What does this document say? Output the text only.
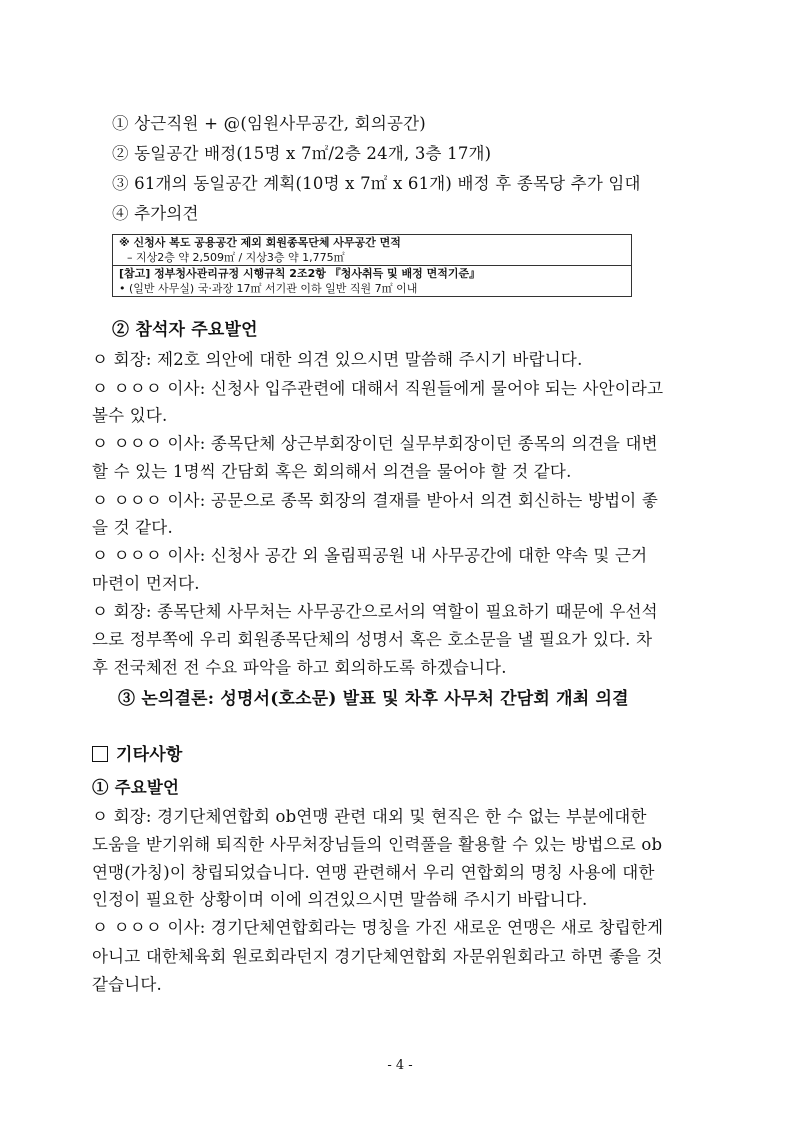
① 상근직원 + @(임원사무공간, 회의공간)
② 동일공간 배정(15명 x 7㎡/2층 24개, 3층 17개)
③ 61개의 동일공간 계획(10명 x 7㎡ x 61개) 배정 후 종목당 추가 임대
④ 추가의견
※ 신청사 복도 공용공간 제외 회원종목단체 사무공간 면적
– 지상2층 약 2,509㎡ / 지상3층 약 1,775㎡
[참고] 정부청사관리규정 시행규칙 2조2항 『청사취득 및 배정 면적기준』
• (일반 사무실) 국·과장 17㎡ 서기관 이하 일반 직원 7㎡ 이내
② 참석자 주요발언
ㅇ 회장: 제2호 의안에 대한 의견 있으시면 말씀해 주시기 바랍니다.
ㅇ ㅇㅇㅇ 이사: 신청사 입주관련에 대해서 직원들에게 물어야 되는 사안이라고
볼수 있다.
ㅇ ㅇㅇㅇ 이사: 종목단체 상근부회장이던 실무부회장이던 종목의 의견을 대변
할 수 있는 1명씩 간담회 혹은 회의해서 의견을 물어야 할 것 같다.
ㅇ ㅇㅇㅇ 이사: 공문으로 종목 회장의 결재를 받아서 의견 회신하는 방법이 좋
을 것 같다.
ㅇ ㅇㅇㅇ 이사: 신청사 공간 외 올림픽공원 내 사무공간에 대한 약속 및 근거
마련이 먼저다.
ㅇ 회장: 종목단체 사무처는 사무공간으로서의 역할이 필요하기 때문에 우선석
으로 정부쪽에 우리 회원종목단체의 성명서 혹은 호소문을 낼 필요가 있다. 차
후 전국체전 전 수요 파악을 하고 회의하도록 하겠습니다.
③ 논의결론: 성명서(호소문) 발표 및 차후 사무처 간담회 개최 의결
기타사항
① 주요발언
ㅇ 회장: 경기단체연합회 ob연맹 관련 대외 및 현직은 한 수 없는 부분에대한
도움을 받기위해 퇴직한 사무처장님들의 인력풀을 활용할 수 있는 방법으로 ob
연맹(가칭)이 창립되었습니다. 연맹 관련해서 우리 연합회의 명칭 사용에 대한
인정이 필요한 상황이며 이에 의견있으시면 말씀해 주시기 바랍니다.
ㅇ ㅇㅇㅇ 이사: 경기단체연합회라는 명칭을 가진 새로운 연맹은 새로 창립한게
아니고 대한체육회 원로회라던지 경기단체연합회 자문위원회라고 하면 좋을 것
같습니다.
- 4 -
